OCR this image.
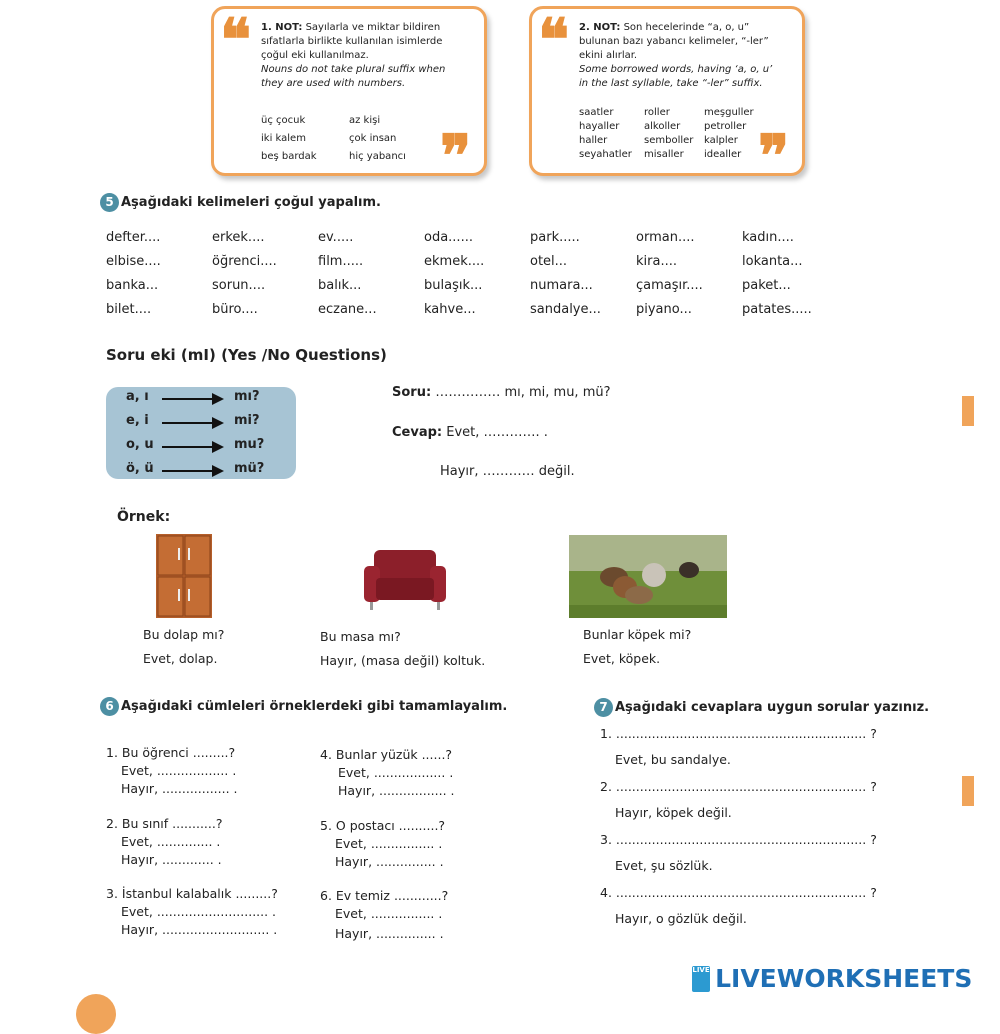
❝ 1. NOT: Sayılarla ve miktar bildiren sıfatlarla birlikte kullanılan isimlerde çoğul eki kullanılmaz.
Nouns do not take plural suffix when they are used with numbers.
üç çocuk	az kişi
iki kalem	çok insan
beş bardak	hiç yabancı ❞
❝ 2. NOT: Son hecelerinde “a, o, u” bulunan bazı yabancı kelimeler, “-ler” ekini alırlar.
Some borrowed words, having ‘a, o, u’ in the last syllable, take “-ler” suffix.
saatler	roller	meşguller
hayaller alkoller petroller
haller	semboller kalpler
seyahatler misaller idealler ❞
5 Aşağıdaki kelimeleri çoğul yapalım.
defter....	erkek....	ev.....	oda......	park.....	orman....	kadın....
elbise....	öğrenci....	film.....	ekmek....	otel...	kira....	lokanta...
banka...	sorun....	balık...	bulaşık...	numara...	çamaşır....	paket...
bilet....	büro....	eczane...	kahve...	sandalye...	piyano...	patates.....
Soru eki (mI) (Yes /No Questions)
a, ı	mı?
e, i	mi?
o, u	mu?
ö, ü	mü?
Soru: …………… mı, mi, mu, mü?
Cevap: Evet, …………. .
Hayır, ………… değil.
Örnek:
Bu dolap mı?
Evet, dolap.
Bu masa mı?
Hayır, (masa değil) koltuk.
Bunlar köpek mi?
Evet, köpek.
6 Aşağıdaki cümleleri örneklerdeki gibi tamamlayalım.
1. Bu öğrenci .........?
Evet, .................. .
Hayır, ................. .
2. Bu sınıf ...........?
Evet, .............. .
Hayır, ............. .
3. İstanbul kalabalık .........?
Evet, ............................ .
Hayır, ........................... .
4. Bunlar yüzük ......?
Evet, .................. .
Hayır, ................. .
5. O postacı ..........?
Evet, ................ .
Hayır, ............... .
6. Ev temiz ............?
Evet, ................ .
Hayır, ............... .
7 Aşağıdaki cevaplara uygun sorular yazınız.
1. ............................................................... ?
Evet, bu sandalye.
2. ............................................................... ?
Hayır, köpek değil.
3. ............................................................... ?
Evet, şu sözlük.
4. ............................................................... ?
Hayır, o gözlük değil.
LIVE LIVEWORKSHEETS
